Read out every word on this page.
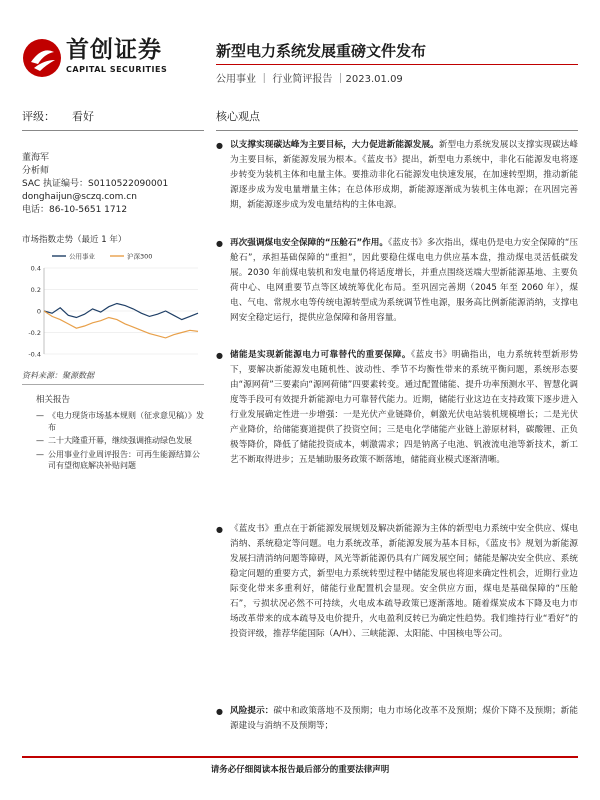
首创证券
CAPITAL SECURITIES
新型电力系统发展重磅文件发布
公用事业 ｜ 行业简评报告 ｜2023.01.09
评级： 看好
董海军
分析师
SAC 执证编号：S0110522090001
donghaijun@sczq.com.cn
电话：86-10-5651 1712
市场指数走势（最近 1 年）
0.4
0.2
0
-0.2
-0.4
公用事业	沪深300
资料来源：聚源数据
相关报告
— 《电力现货市场基本规则（征求意见稿）》发布
— 二十大隆重开幕，继续强调推动绿色发展
— 公用事业行业周评报告：可再生能源结算公司有望彻底解决补贴问题
核心观点
● 以支撑实现碳达峰为主要目标，大力促进新能源发展。新型电力系统发展以支撑实现碳达峰为主要目标，新能源发展为根本。《蓝皮书》提出，新型电力系统中，非化石能源发电将逐步转变为装机主体和电量主体。要推动非化石能源发电快速发展，在加速转型期，推动新能源逐步成为发电量增量主体；在总体形成期，新能源逐渐成为装机主体电源；在巩固完善期，新能源逐步成为发电量结构的主体电源。
● 再次强调煤电安全保障的“压舱石”作用。《蓝皮书》多次指出，煤电仍是电力安全保障的“压舱石”，承担基础保障的“重担”，因此要稳住煤电电力供应基本盘，推动煤电灵活低碳发展。2030 年前煤电装机和发电量仍将适度增长，并重点围绕送端大型新能源基地、主要负荷中心、电网重要节点等区域统筹优化布局。至巩固完善期（2045 年至 2060 年），煤电、气电、常规水电等传统电源转型成为系统调节性电源，服务高比例新能源消纳，支撑电网安全稳定运行，提供应急保障和备用容量。
● 储能是实现新能源电力可靠替代的重要保障。《蓝皮书》明确指出，电力系统转型新形势下，要解决新能源发电随机性、波动性、季节不均衡性带来的系统平衡问题，系统形态要由“源网荷”三要素向“源网荷储”四要素转变。通过配置储能、提升功率预测水平、智慧化调度等手段可有效提升新能源电力可靠替代能力。近期，储能行业这边在支持政策下逐步进入行业发展确定性进一步增强：一是光伏产业链降价，刺激光伏电站装机规模增长；二是光伏产业降价，给储能赛道提供了投资空间；三是电化学储能产业链上游原材料，碳酸锂、正负极等降价，降低了储能投资成本，刺激需求；四是钠离子电池、钒液流电池等新技术，新工艺不断取得进步；五是辅助服务政策不断落地，储能商业模式逐渐清晰。
● 《蓝皮书》重点在于新能源发展规划及解决新能源为主体的新型电力系统中安全供应、煤电消纳、系统稳定等问题。电力系统改革，新能源发展为基本目标，《蓝皮书》规划为新能源发展扫清消纳问题等障碍，风光等新能源仍具有广阔发展空间；储能是解决安全供应、系统稳定问题的重要方式，新型电力系统转型过程中储能发展也将迎来确定性机会，近期行业边际变化带来多重利好，储能行业配置机会显现。安全供应方面，煤电是基础保障的“压舱石”，亏损状况必然不可持续，火电成本疏导政策已逐渐落地。随着煤炭成本下降及电力市场改革带来的成本疏导及电价提升，火电盈利反转已为确定性趋势。我们维持行业“看好”的投资评级，推荐华能国际（A/H）、三峡能源、太阳能、中国核电等公司。
● 风险提示：碳中和政策落地不及预期；电力市场化改革不及预期；煤价下降不及预期；新能源建设与消纳不及预期等；
请务必仔细阅读本报告最后部分的重要法律声明
